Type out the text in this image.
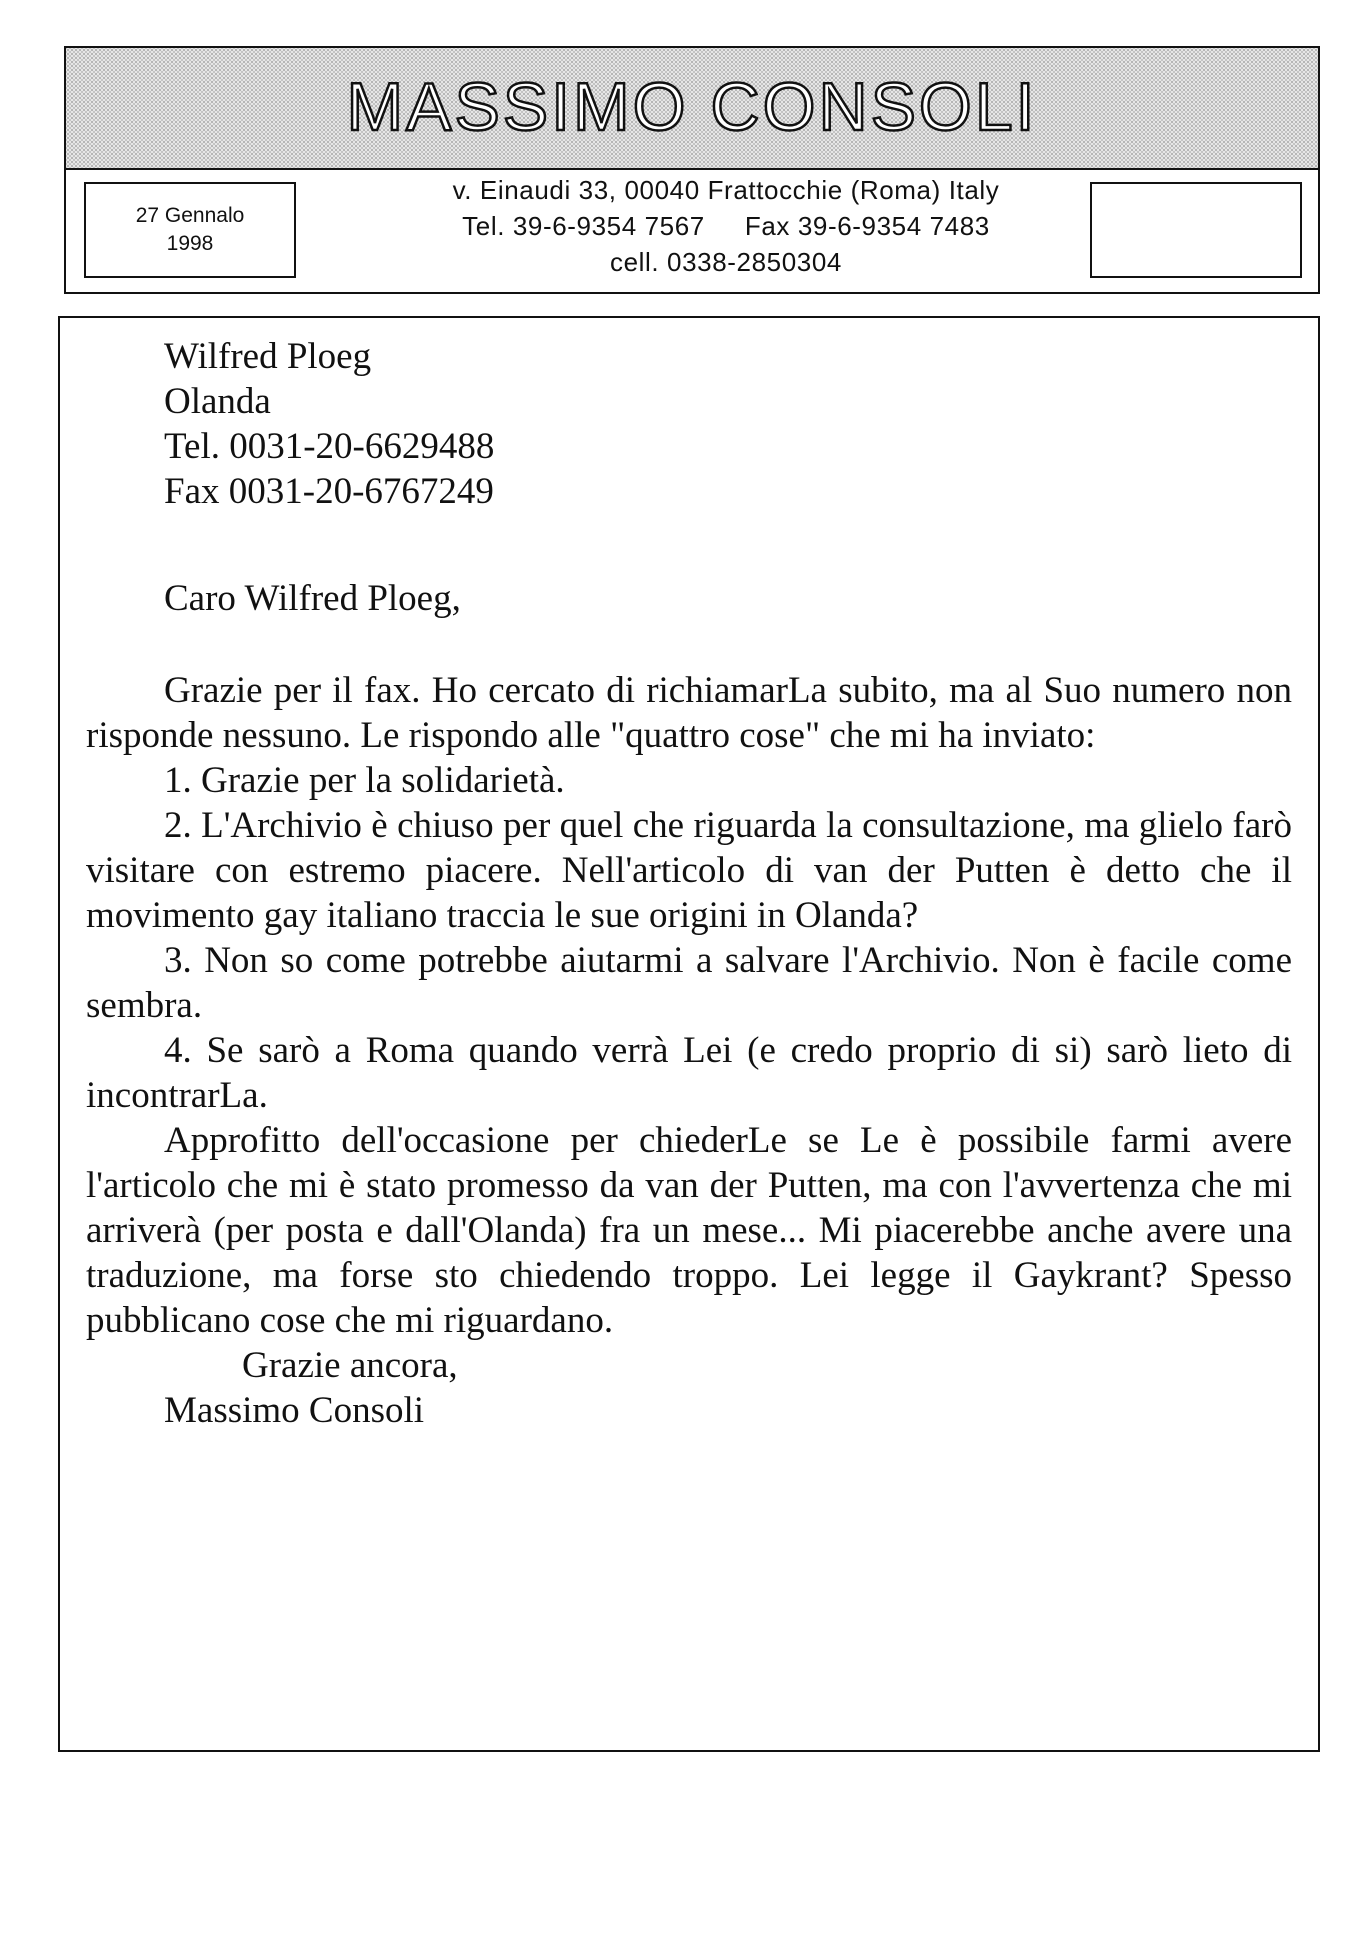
MASSIMO CONSOLI
27 Gennalo
1998
v. Einaudi 33, 00040 Frattocchie (Roma) Italy
Tel. 39-6-9354 7567 Fax 39-6-9354 7483
cell. 0338-2850304
Wilfred Ploeg
Olanda
Tel. 0031-20-6629488
Fax 0031-20-6767249
Caro Wilfred Ploeg,

Grazie per il fax. Ho cercato di richiamarLa subito, ma al Suo numero non risponde nessuno. Le rispondo alle "quattro cose" che mi ha inviato:

1. Grazie per la solidarietà.

2. L'Archivio è chiuso per quel che riguarda la consultazione, ma glielo farò visitare con estremo piacere. Nell'articolo di van der Putten è detto che il movimento gay italiano traccia le sue origini in Olanda?

3. Non so come potrebbe aiutarmi a salvare l'Archivio. Non è facile come sembra.

4. Se sarò a Roma quando verrà Lei (e credo proprio di si) sarò lieto di incontrarLa.

Approfitto dell'occasione per chiederLe se Le è possibile farmi avere l'articolo che mi è stato promesso da van der Putten, ma con l'avvertenza che mi arriverà (per posta e dall'Olanda) fra un mese... Mi piacerebbe anche avere una traduzione, ma forse sto chiedendo troppo. Lei legge il Gaykrant? Spesso pubblicano cose che mi riguardano.

Grazie ancora,

Massimo Consoli
